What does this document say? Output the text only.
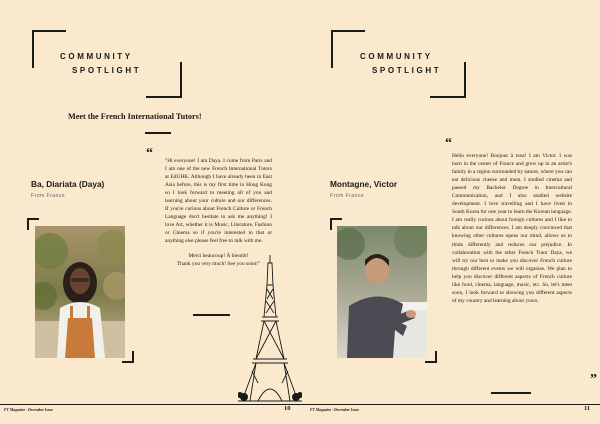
COMMUNITY
SPOTLIGHT
Meet the French International Tutors!
Ba, Diariata (Daya)
From France
“ "Hi everyone! I am Daya. I come from Paris and I am one of the new French International Tutors at EdUHK. Although I have already been in East Asia before, this is my first time in Hong Kong so I look forward to meeting all of you and learning about your culture and our differences. If you're curious about French Culture or French Language don't hesitate to ask me anything! I love Art, whether it is Music, Literature, Fashion or Cinema so if you're interested in that or anything else please feel free to talk with me.

Merci beaucoup! À bientôt!

Thank you very much! See you soon!"

FT Magazine · December Issue	10
COMMUNITY
SPOTLIGHT
Montagne, Victor
From France
“

Hello everyone! Bonjour à tous! I am Victor. I was born in the center of France and grew up in an artist's family in a region surrounded by nature, where you can eat delicious cheese and meat. I studied cinema and passed my Bachelor Degree in Intercultural Communication, and I also studied website development. I love travelling and I have lived in South Korea for one year to learn the Korean language. I am really curious about foreign cultures and I like to talk about our differences. I am deeply convinced that knowing other cultures opens our mind, allows us to think differently and reduces our prejudice. In collaboration with the other French Tutor Daya, we will try our best to make you discover French culture through different events we will organise. We plan to help you discover different aspects of French culture like food, cinema, language, music, etc. So, let's meet soon, I look forward to showing you different aspects of my country and learning about yours.

”
FT Magazine · December Issue	11
